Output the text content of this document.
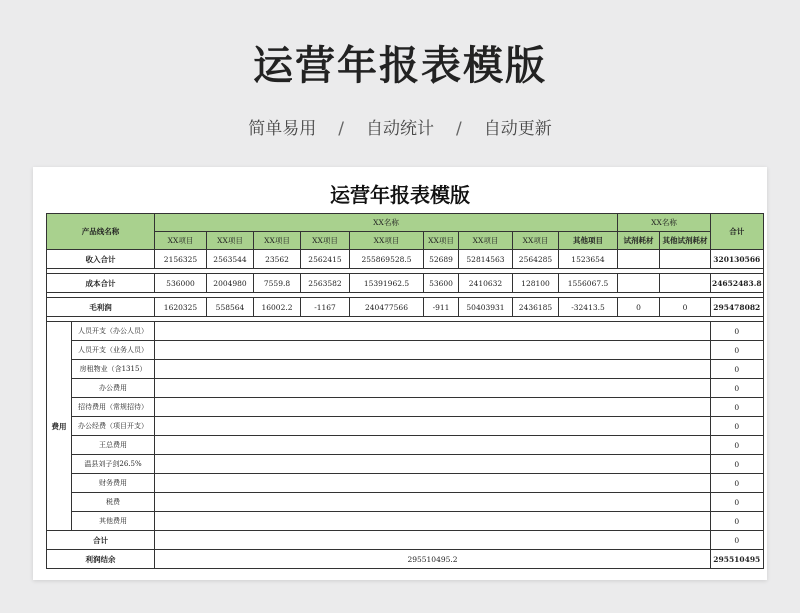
运营年报表模版
简单易用 / 自动统计 / 自动更新
运营年报表模版
产品线名称		XX名称									XX名称		合计
		XX项目	XX项目	XX项目	XX项目	XX项目	XX项目	XX项目	XX项目	其他项目	试剂耗材	其他试剂耗材	
收入合计		2156325	2563544	23562	2562415	255869528.5	52689	52814563	2564285	1523654			320130566

成本合计		536000	2004980	7559.8	2563582	15391962.5	53600	2410632	128100	1556067.5			24652483.8

毛利润		1620325	558564	16002.2	-1167	240477566	-911	50403931	2436185	-32413.5	0	0	295478082

费用	人员开支（办公人员）												0
	人员开支（业务人员）												0
	房租物业（含1315）												0
	办公费用												0
	招待费用（常规招待）												0
	办公经费（项目开支）												0
	王总费用												0
	温县刘子剑26.5%												0
	财务费用												0
	税费												0
	其他费用												0
合计													0
利润结余		295510495.2											295510495
